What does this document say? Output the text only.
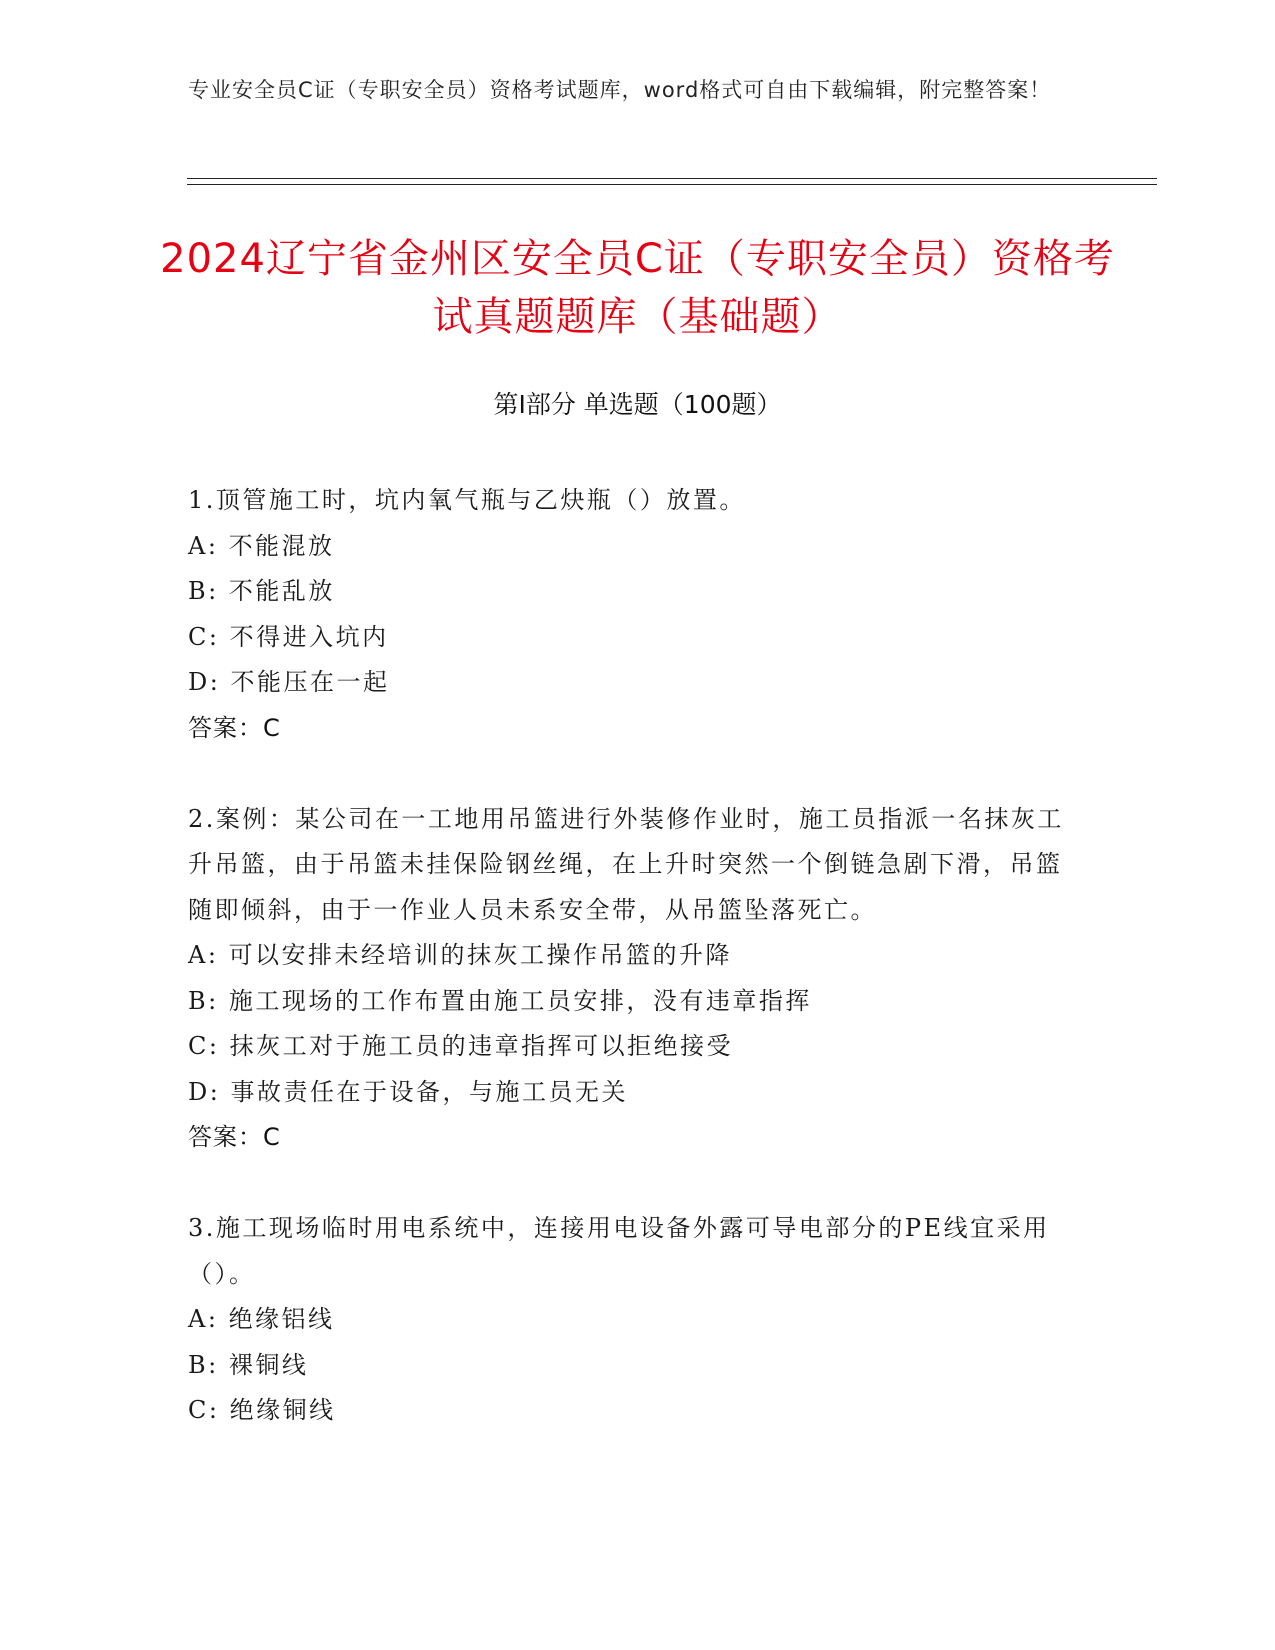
专业安全员C证（专职安全员）资格考试题库，word格式可自由下载编辑，附完整答案！
2024辽宁省金州区安全员C证（专职安全员）资格考试真题题库（基础题）
第I部分 单选题（100题）

1.顶管施工时，坑内氧气瓶与乙炔瓶（）放置。

A: 不能混放

B: 不能乱放

C: 不得进入坑内

D: 不能压在一起

答案：C

2.案例：某公司在一工地用吊篮进行外装修作业时，施工员指派一名抹灰工升吊篮，由于吊篮未挂保险钢丝绳，在上升时突然一个倒链急剧下滑，吊篮随即倾斜，由于一作业人员未系安全带，从吊篮坠落死亡。

A: 可以安排未经培训的抹灰工操作吊篮的升降

B: 施工现场的工作布置由施工员安排，没有违章指挥

C: 抹灰工对于施工员的违章指挥可以拒绝接受

D: 事故责任在于设备，与施工员无关

答案：C

3.施工现场临时用电系统中，连接用电设备外露可导电部分的PE线宜采用（）。

A: 绝缘铝线

B: 裸铜线

C: 绝缘铜线
